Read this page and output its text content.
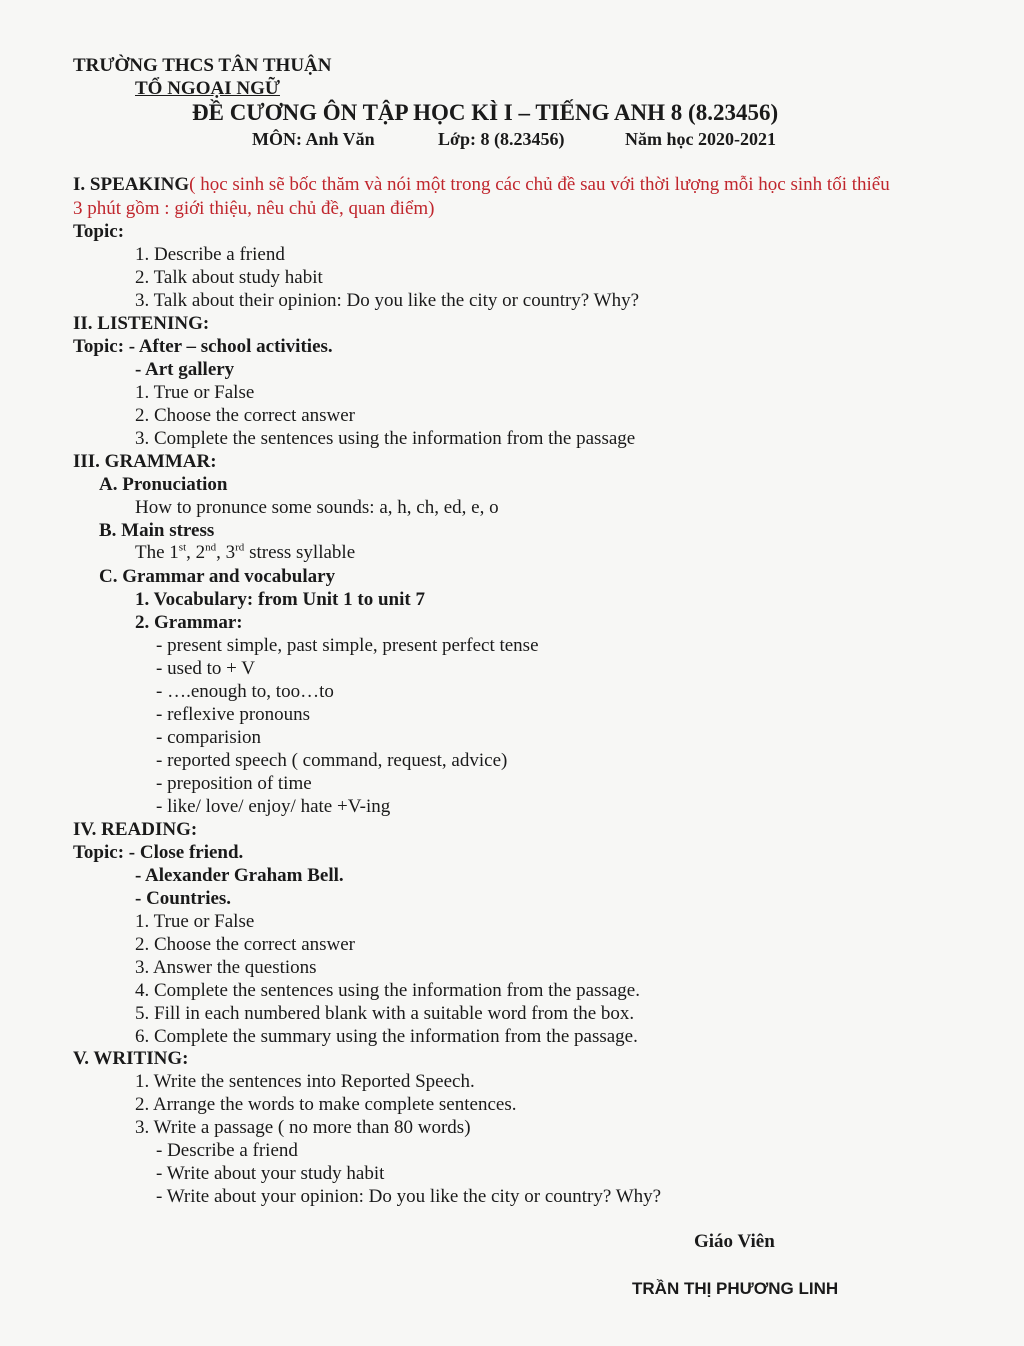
TRƯỜNG THCS TÂN THUẬN
TỔ NGOẠI NGỮ
ĐỀ CƯƠNG ÔN TẬP HỌC KÌ I – TIẾNG ANH 8 (8.23456)
MÔN: Anh Văn	Lớp: 8 (8.23456)	Năm học 2020-2021
I. SPEAKING( học sinh sẽ bốc thăm và nói một trong các chủ đề sau với thời lượng mỗi học sinh tối thiểu
3 phút gồm : giới thiệu, nêu chủ đề, quan điểm)
Topic:
1. Describe a friend
2. Talk about study habit
3. Talk about their opinion: Do you like the city or country? Why?
II. LISTENING:
Topic: - After – school activities.
- Art gallery
1. True or False
2. Choose the correct answer
3. Complete the sentences using the information from the passage
III. GRAMMAR:
A. Pronuciation
How to pronunce some sounds: a, h, ch, ed, e, o
B. Main stress
The 1st, 2nd, 3rd stress syllable
C. Grammar and vocabulary
1. Vocabulary: from Unit 1 to unit 7
2. Grammar:
- present simple, past simple, present perfect tense
- used to + V
- ….enough to, too…to
- reflexive pronouns
- comparision
- reported speech ( command, request, advice)
- preposition of time
- like/ love/ enjoy/ hate +V-ing
IV. READING:
Topic: - Close friend.
- Alexander Graham Bell.
- Countries.
1. True or False
2. Choose the correct answer
3. Answer the questions
4. Complete the sentences using the information from the passage.
5. Fill in each numbered blank with a suitable word from the box.
6. Complete the summary using the information from the passage.
V. WRITING:
1. Write the sentences into Reported Speech.
2. Arrange the words to make complete sentences.
3. Write a passage ( no more than 80 words)
- Describe a friend
- Write about your study habit
- Write about your opinion: Do you like the city or country? Why?
Giáo Viên
TRẦN THỊ PHƯƠNG LINH
